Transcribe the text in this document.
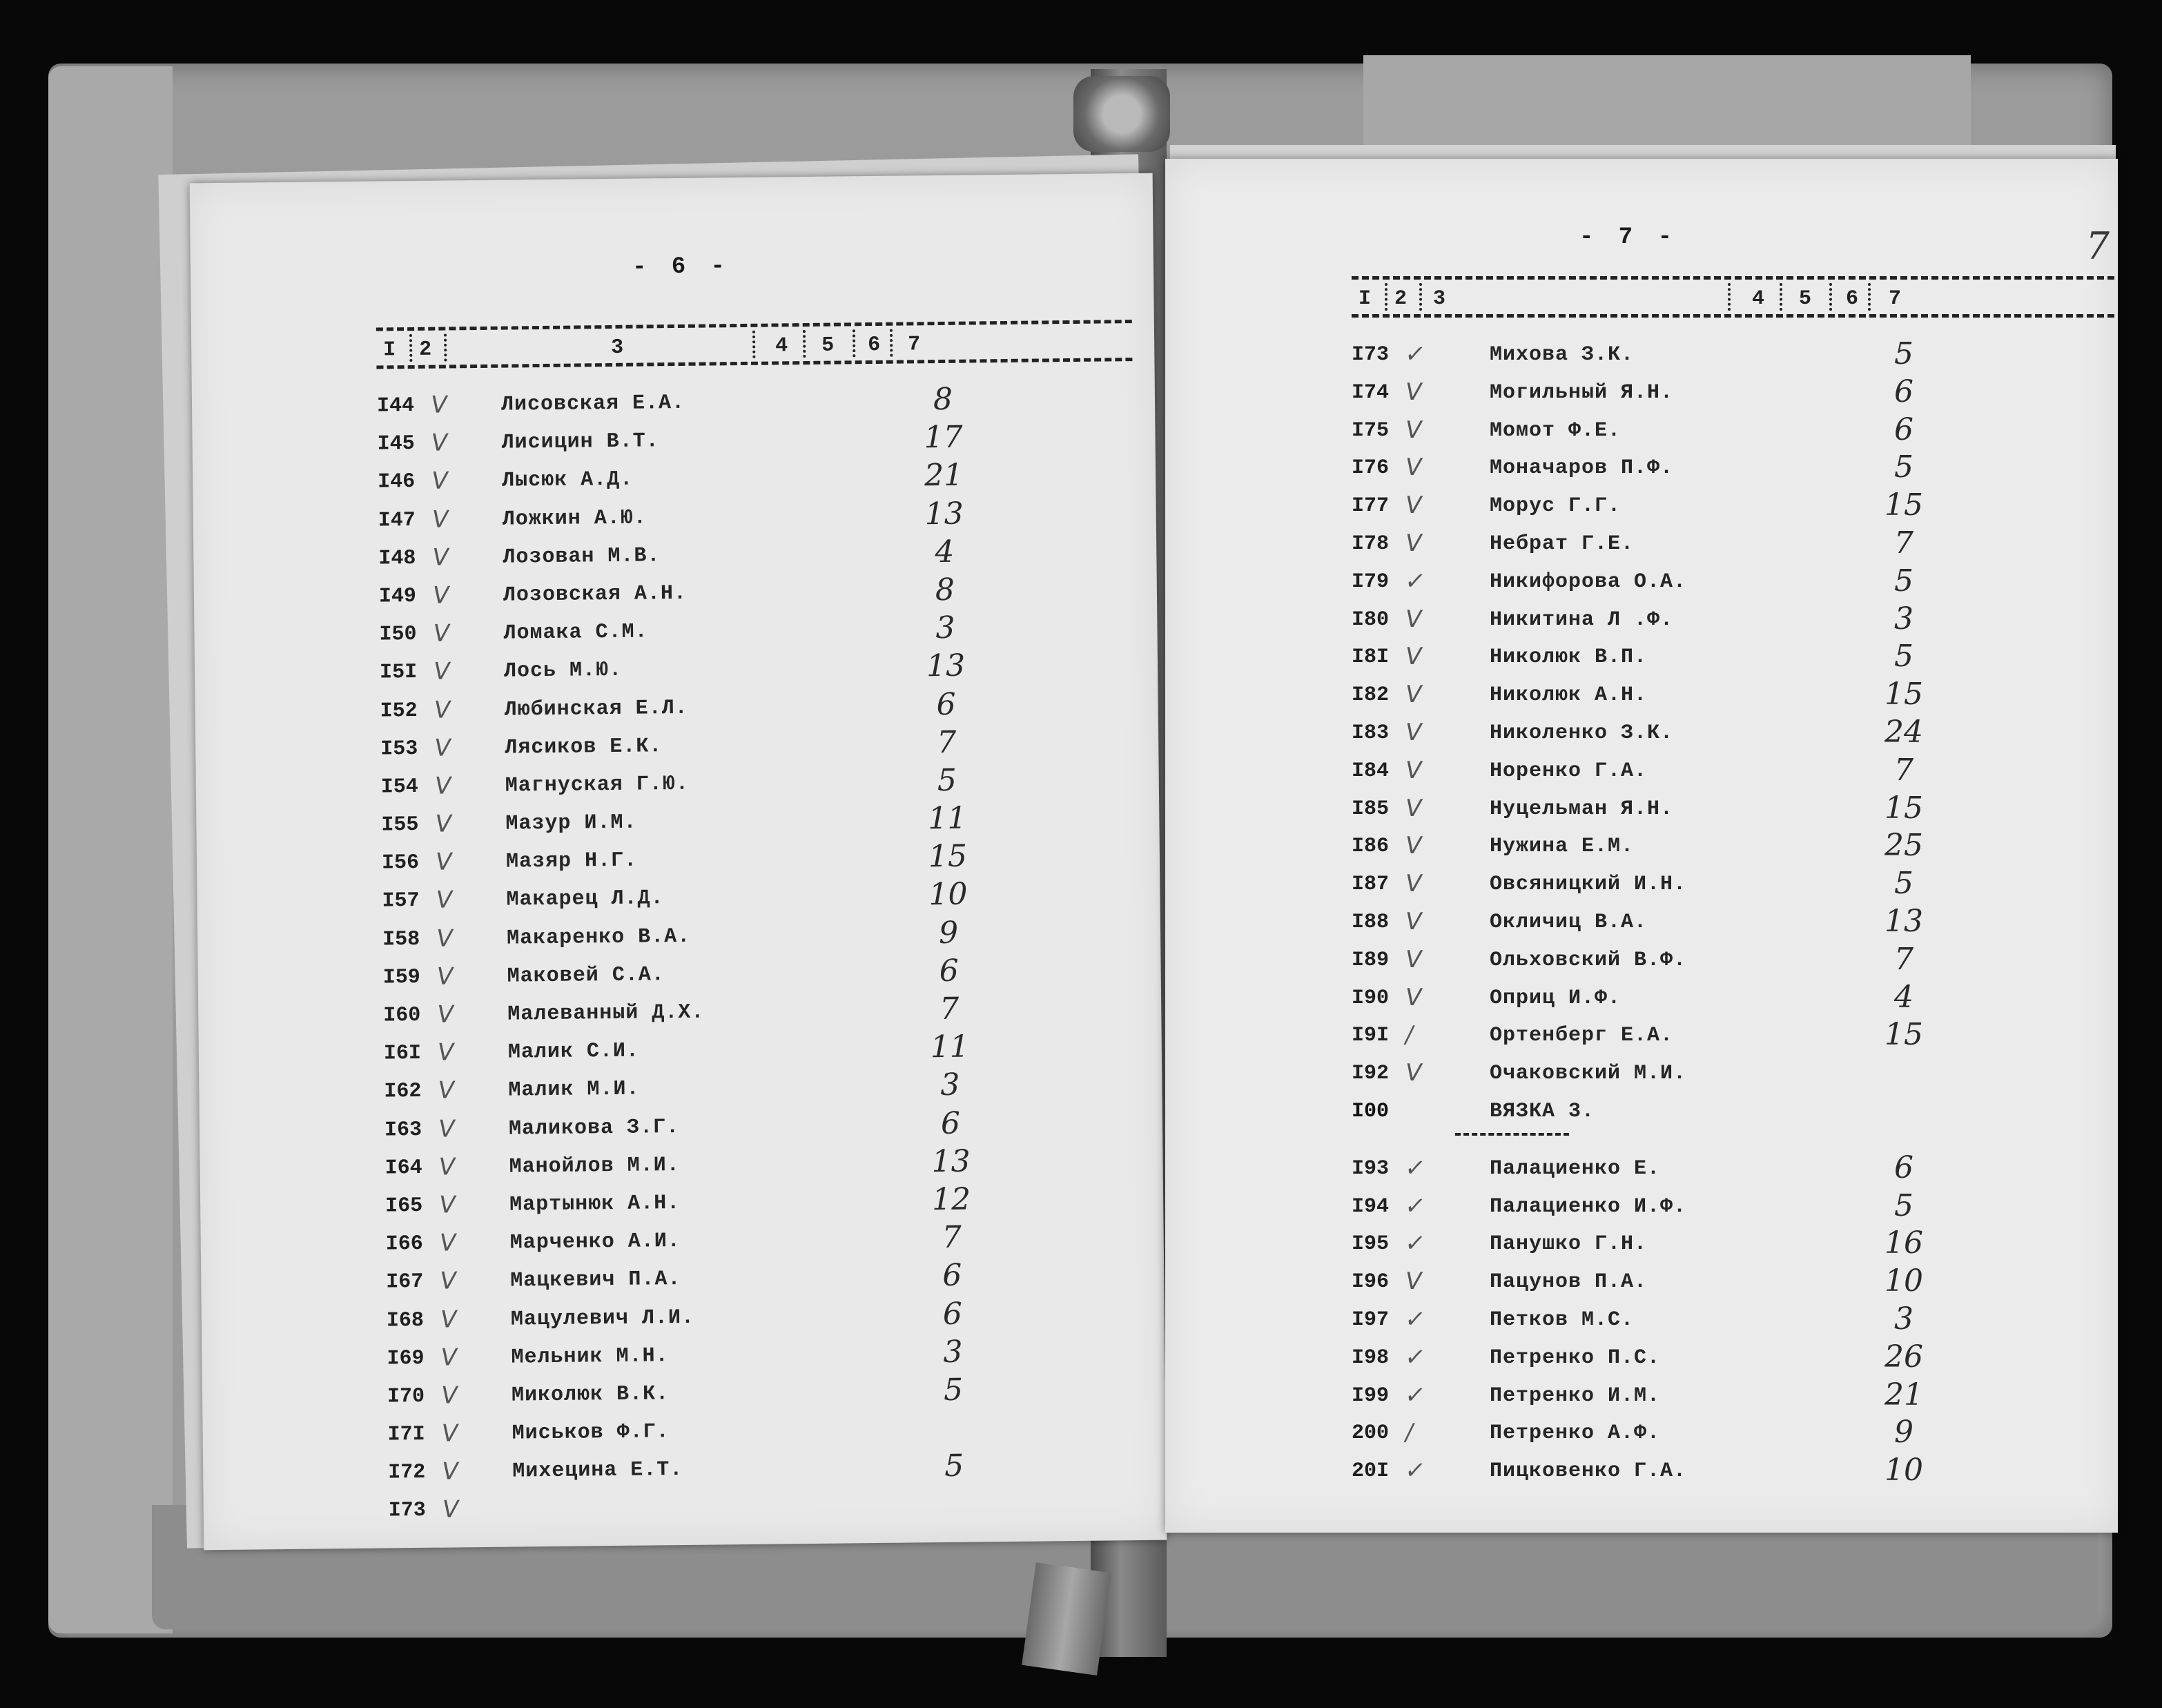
- 6 -
I 2	3	4 5 6 7
I44 V	Лисовская Е.А.	8
I45 V	Лисицин В.Т.	17
I46 V	Лысюк А.Д.	21
I47 V	Ложкин А.Ю.	13
I48 V	Лозован М.В.	4
I49 V	Лозовская А.Н.	8
I50 V	Ломака С.М.	3
I5I V	Лось М.Ю.	13
I52 V	Любинская Е.Л.	6
I53 V	Лясиков Е.К.	7
I54 V	Магнуская Г.Ю.	5
I55 V	Мазур И.М.	11
I56 V	Мазяр Н.Г.	15
I57 V	Макарец Л.Д.	10
I58 V	Макаренко В.А.	9
I59 V	Маковей С.А.	6
I60 V	Малеванный Д.Х.	7
I6I V	Малик С.И.	11
I62 V	Малик М.И.	3
I63 V	Маликова З.Г.	6
I64 V	Манойлов М.И.	13
I65 V	Мартынюк А.Н.	12
I66 V	Марченко А.И.	7
I67 V	Мацкевич П.А.	6
I68 V	Мацулевич Л.И.	6
I69 V	Мельник М.Н.	3
I70 V	Миколюк В.К.	5
I7I V	Миськов Ф.Г.
I72 V	Михецина Е.Т.	5
I73 V
- 7 -	7
I 2 3	4 5 6 7
I73 ✓	Михова З.К.	5
I74 V	Могильный Я.Н.	6
I75 V	Момот Ф.Е.	6
I76 V	Моначаров П.Ф.	5
I77 V	Морус Г.Г.	15
I78 V	Небрат Г.Е.	7
I79 ✓	Никифорова О.А.	5
I80 V	Никитина Л .Ф.	3
I8I V	Николюк В.П.	5
I82 V	Николюк А.Н.	15
I83 V	Николенко З.К.	24
I84 V	Норенко Г.А.	7
I85 V	Нуцельман Я.Н.	15
I86 V	Нужина Е.М.	25
I87 V	Овсяницкий И.Н.	5
I88 V	Окличиц В.А.	13
I89 V	Ольховский В.Ф.	7
I90 V	Оприц И.Ф.	4
I9I /	Ортенберг Е.А.	15
I92 V	Очаковский М.И.
I00	ВЯЗКА 3.
I93 ✓	Палациенко Е.	6
I94 ✓	Палациенко И.Ф.	5
I95 ✓	Панушко Г.Н.	16
I96 V	Пацунов П.А.	10
I97 ✓	Петков М.С.	3
I98 ✓	Петренко П.С.	26
I99 ✓	Петренко И.М.	21
200 /	Петренко А.Ф.	9
20I ✓	Пицковенко Г.А.	10
